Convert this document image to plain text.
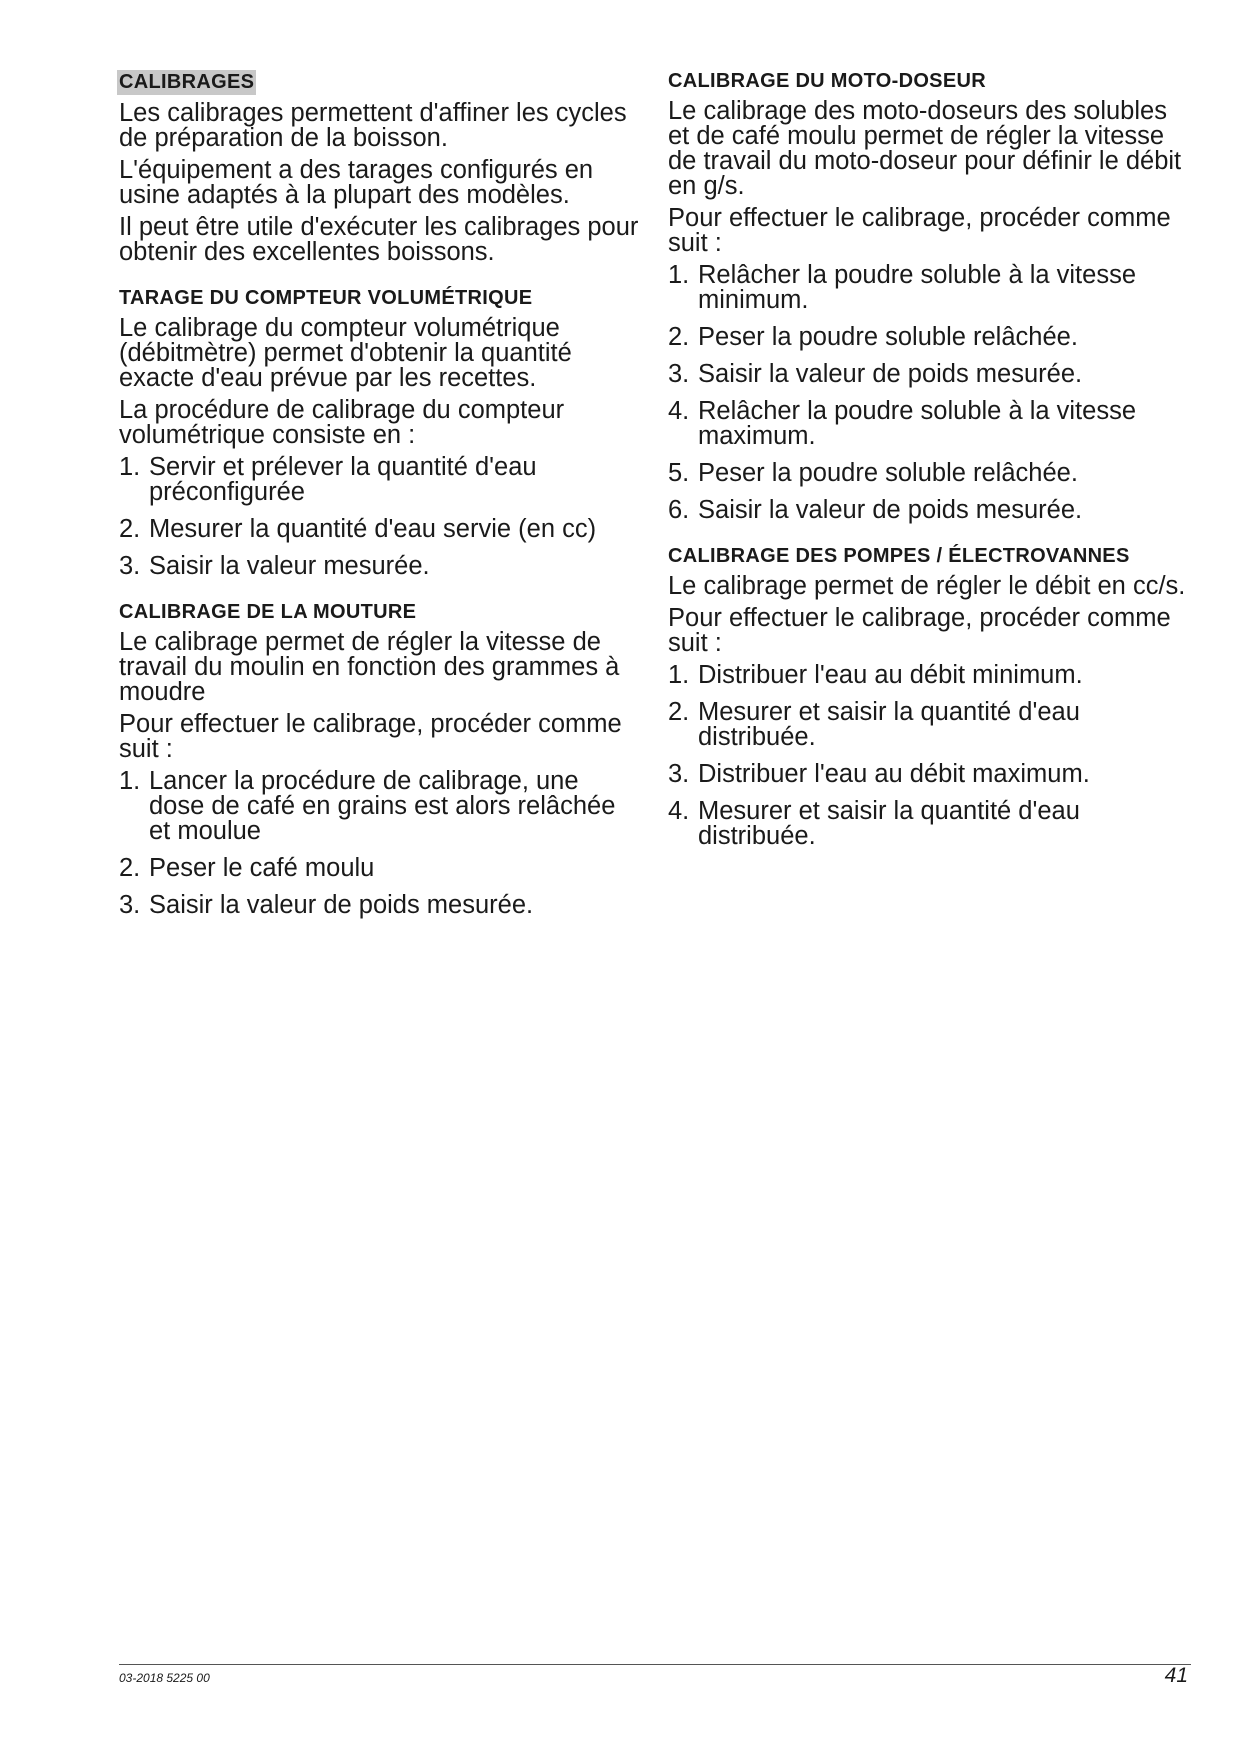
CALIBRAGES

Les calibrages permettent d'affiner les cycles de préparation de la boisson.

L'équipement a des tarages configurés en usine adaptés à la plupart des modèles.

Il peut être utile d'exécuter les calibrages pour obtenir des excellentes boissons.

TARAGE DU COMPTEUR VOLUMÉTRIQUE

Le calibrage du compteur volumétrique (débitmètre) permet d'obtenir la quantité exacte d'eau prévue par les recettes.

La procédure de calibrage du compteur volumétrique consiste en :

1. Servir et prélever la quantité d'eau préconfigurée
2. Mesurer la quantité d'eau servie (en cc)
3. Saisir la valeur mesurée.
CALIBRAGE DE LA MOUTURE

Le calibrage permet de régler la vitesse de travail du moulin en fonction des grammes à moudre

Pour effectuer le calibrage, procéder comme suit :

1. Lancer la procédure de calibrage, une dose de café en grains est alors relâchée et moulue
2. Peser le café moulu
3. Saisir la valeur de poids mesurée.
CALIBRAGE DU MOTO-DOSEUR

Le calibrage des moto-doseurs des solubles et de café moulu permet de régler la vitesse de travail du moto-doseur pour définir le débit en g/s.

Pour effectuer le calibrage, procéder comme suit :

1. Relâcher la poudre soluble à la vitesse minimum.
2. Peser la poudre soluble relâchée.
3. Saisir la valeur de poids mesurée.
4. Relâcher la poudre soluble à la vitesse maximum.
5. Peser la poudre soluble relâchée.
6. Saisir la valeur de poids mesurée.
CALIBRAGE DES POMPES / ÉLECTROVANNES

Le calibrage permet de régler le débit en cc/s.

Pour effectuer le calibrage, procéder comme suit :

1. Distribuer l'eau au débit minimum.
2. Mesurer et saisir la quantité d'eau distribuée.
3. Distribuer l'eau au débit maximum.
4. Mesurer et saisir la quantité d'eau distribuée.
03-2018 5225 00	41
